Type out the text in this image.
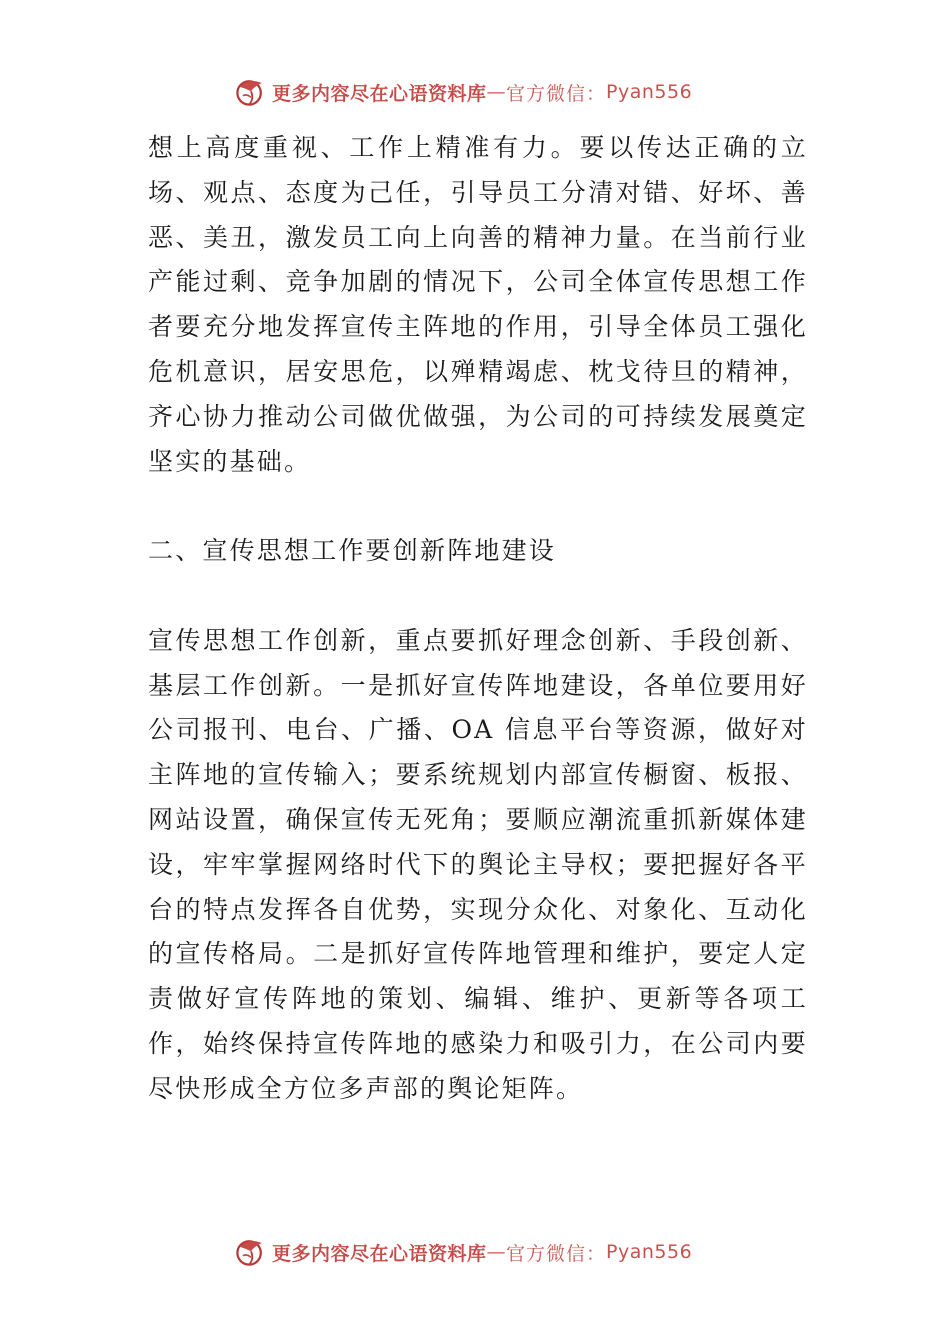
更多内容尽在心语资料库 — 官方微信： Pyan556

想上高度重视、工作上精准有力。要以传达正确的立场、观点、态度为己任，引导员工分清对错、好坏、善恶、美丑，激发员工向上向善的精神力量。在当前行业产能过剩、竞争加剧的情况下，公司全体宣传思想工作者要充分地发挥宣传主阵地的作用，引导全体员工强化危机意识，居安思危，以殚精竭虑、枕戈待旦的精神，齐心协力推动公司做优做强，为公司的可持续发展奠定坚实的基础。

二、宣传思想工作要创新阵地建设

宣传思想工作创新，重点要抓好理念创新、手段创新、基层工作创新。一是抓好宣传阵地建设，各单位要用好公司报刊、电台、广播、OA 信息平台等资源，做好对主阵地的宣传输入；要系统规划内部宣传橱窗、板报、网站设置，确保宣传无死角；要顺应潮流重抓新媒体建设，牢牢掌握网络时代下的舆论主导权；要把握好各平台的特点发挥各自优势，实现分众化、对象化、互动化的宣传格局。二是抓好宣传阵地管理和维护，要定人定责做好宣传阵地的策划、编辑、维护、更新等各项工作，始终保持宣传阵地的感染力和吸引力，在公司内要尽快形成全方位多声部的舆论矩阵。

更多内容尽在心语资料库 — 官方微信： Pyan556
